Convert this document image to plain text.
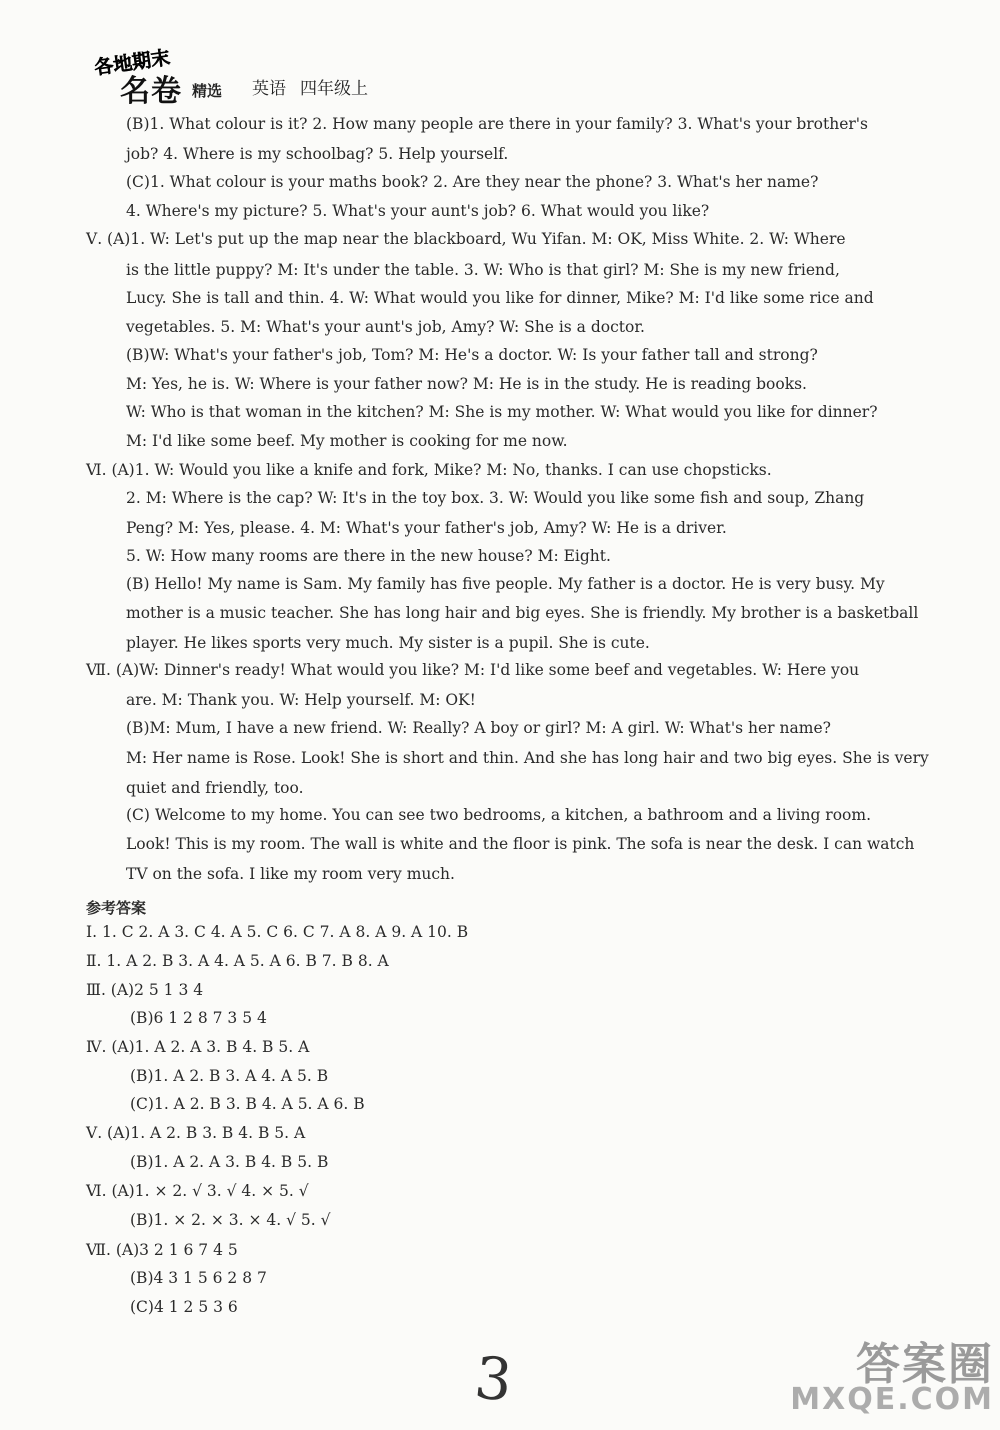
各地期末
名卷 精选 英语 四年级上
(B)1. What colour is it? 2. How many people are there in your family? 3. What's your brother's
job? 4. Where is my schoolbag? 5. Help yourself.
(C)1. What colour is your maths book? 2. Are they near the phone? 3. What's her name?
4. Where's my picture? 5. What's your aunt's job? 6. What would you like?
Ⅴ. (A)1. W: Let's put up the map near the blackboard, Wu Yifan. M: OK, Miss White. 2. W: Where
is the little puppy? M: It's under the table. 3. W: Who is that girl? M: She is my new friend,
Lucy. She is tall and thin. 4. W: What would you like for dinner, Mike? M: I'd like some rice and
vegetables. 5. M: What's your aunt's job, Amy? W: She is a doctor.
(B)W: What's your father's job, Tom? M: He's a doctor. W: Is your father tall and strong?
M: Yes, he is. W: Where is your father now? M: He is in the study. He is reading books.
W: Who is that woman in the kitchen? M: She is my mother. W: What would you like for dinner?
M: I'd like some beef. My mother is cooking for me now.
Ⅵ. (A)1. W: Would you like a knife and fork, Mike? M: No, thanks. I can use chopsticks.
2. M: Where is the cap? W: It's in the toy box. 3. W: Would you like some fish and soup, Zhang
Peng? M: Yes, please. 4. M: What's your father's job, Amy? W: He is a driver.
5. W: How many rooms are there in the new house? M: Eight.
(B) Hello! My name is Sam. My family has five people. My father is a doctor. He is very busy. My
mother is a music teacher. She has long hair and big eyes. She is friendly. My brother is a basketball
player. He likes sports very much. My sister is a pupil. She is cute.
Ⅶ. (A)W: Dinner's ready! What would you like? M: I'd like some beef and vegetables. W: Here you
are. M: Thank you. W: Help yourself. M: OK!
(B)M: Mum, I have a new friend. W: Really? A boy or girl? M: A girl. W: What's her name?
M: Her name is Rose. Look! She is short and thin. And she has long hair and two big eyes. She is very
quiet and friendly, too.
(C) Welcome to my home. You can see two bedrooms, a kitchen, a bathroom and a living room.
Look! This is my room. The wall is white and the floor is pink. The sofa is near the desk. I can watch
TV on the sofa. I like my room very much.
参考答案
Ⅰ. 1. C 2. A 3. C 4. A 5. C 6. C 7. A 8. A 9. A 10. B
Ⅱ. 1. A 2. B 3. A 4. A 5. A 6. B 7. B 8. A
Ⅲ. (A)2 5 1 3 4
(B)6 1 2 8 7 3 5 4
Ⅳ. (A)1. A 2. A 3. B 4. B 5. A
(B)1. A 2. B 3. A 4. A 5. B
(C)1. A 2. B 3. B 4. A 5. A 6. B
Ⅴ. (A)1. A 2. B 3. B 4. B 5. A
(B)1. A 2. A 3. B 4. B 5. B
Ⅵ. (A)1. × 2. √ 3. √ 4. × 5. √
(B)1. × 2. × 3. × 4. √ 5. √
Ⅶ. (A)3 2 1 6 7 4 5
(B)4 3 1 5 6 2 8 7
(C)4 1 2 5 3 6
3	答案圈
MXQE.COM
